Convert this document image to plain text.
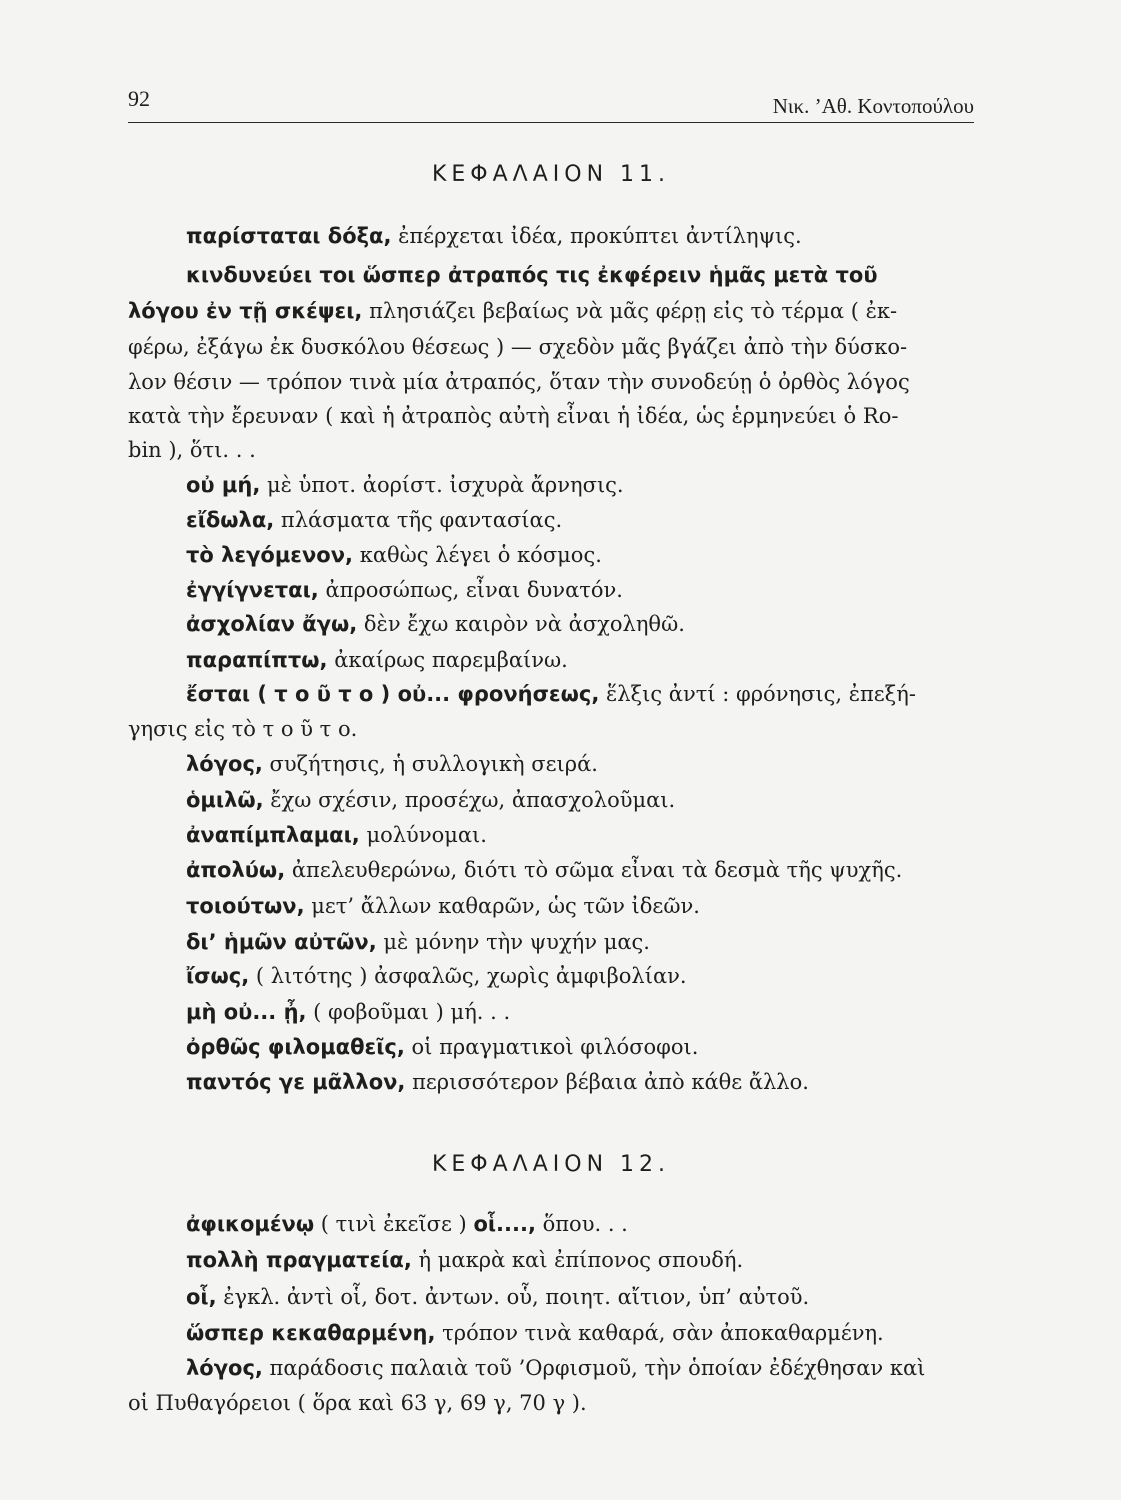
92	Νικ. ’Αθ. Κοντοπούλου
ΚΕΦΑΛΑΙΟΝ 11.
παρίσταται δόξα, ἐπέρχεται ἰδέα, προκύπτει ἀντίληψις.
κινδυνεύει τοι ὥσπερ ἀτραπός τις ἐκφέρειν ἡμᾶς μετὰ τοῦ
λόγου ἐν τῇ σκέψει, πλησιάζει βεβαίως νὰ μᾶς φέρῃ εἰς τὸ τέρμα ( ἐκ-
φέρω, ἐξάγω ἐκ δυσκόλου θέσεως ) — σχεδὸν μᾶς βγάζει ἀπὸ τὴν δύσκο-
λον θέσιν — τρόπον τινὰ μία ἀτραπός, ὅταν τὴν συνοδεύῃ ὁ ὀρθὸς λόγος
κατὰ τὴν ἔρευναν ( καὶ ἡ ἀτραπὸς αὐτὴ εἶναι ἡ ἰδέα, ὡς ἑρμηνεύει ὁ Ro-
bin ), ὅτι. . .
οὐ μή, μὲ ὑποτ. ἀορίστ. ἰσχυρὰ ἄρνησις.
εἴδωλα, πλάσματα τῆς φαντασίας.
τὸ λεγόμενον, καθὼς λέγει ὁ κόσμος.
ἐγγίγνεται, ἀπροσώπως, εἶναι δυνατόν.
ἀσχολίαν ἄγω, δὲν ἔχω καιρὸν νὰ ἀσχοληθῶ.
παραπίπτω, ἀκαίρως παρεμβαίνω.
ἔσται ( τ ο ῦ τ ο ) οὐ... φρονήσεως, ἕλξις ἀντί : φρόνησις, ἐπεξή-
γησις εἰς τὸ τ ο ῦ τ ο.
λόγος, συζήτησις, ἡ συλλογικὴ σειρά.
ὁμιλῶ, ἔχω σχέσιν, προσέχω, ἀπασχολοῦμαι.
ἀναπίμπλαμαι, μολύνομαι.
ἀπολύω, ἀπελευθερώνω, διότι τὸ σῶμα εἶναι τὰ δεσμὰ τῆς ψυχῆς.
τοιούτων, μετ’ ἄλλων καθαρῶν, ὡς τῶν ἰδεῶν.
δι’ ἡμῶν αὐτῶν, μὲ μόνην τὴν ψυχήν μας.
ἴσως, ( λιτότης ) ἀσφαλῶς, χωρὶς ἀμφιβολίαν.
μὴ οὐ... ᾖ, ( φοβοῦμαι ) μή. . .
ὀρθῶς φιλομαθεῖς, οἱ πραγματικοὶ φιλόσοφοι.
παντός γε μᾶλλον, περισσότερον βέβαια ἀπὸ κάθε ἄλλο.
ΚΕΦΑΛΑΙΟΝ 12.
ἀφικομένῳ ( τινὶ ἐκεῖσε ) οἷ...., ὅπου. . .
πολλὴ πραγματεία, ἡ μακρὰ καὶ ἐπίπονος σπουδή.
οἷ, ἐγκλ. ἀντὶ οἷ, δοτ. ἀντων. οὗ, ποιητ. αἴτιον, ὑπ’ αὐτοῦ.
ὥσπερ κεκαθαρμένη, τρόπον τινὰ καθαρά, σὰν ἀποκαθαρμένη.
λόγος, παράδοσις παλαιὰ τοῦ ’Ορφισμοῦ, τὴν ὁποίαν ἐδέχθησαν καὶ
οἱ Πυθαγόρειοι ( ὅρα καὶ 63 γ, 69 γ, 70 γ ).
